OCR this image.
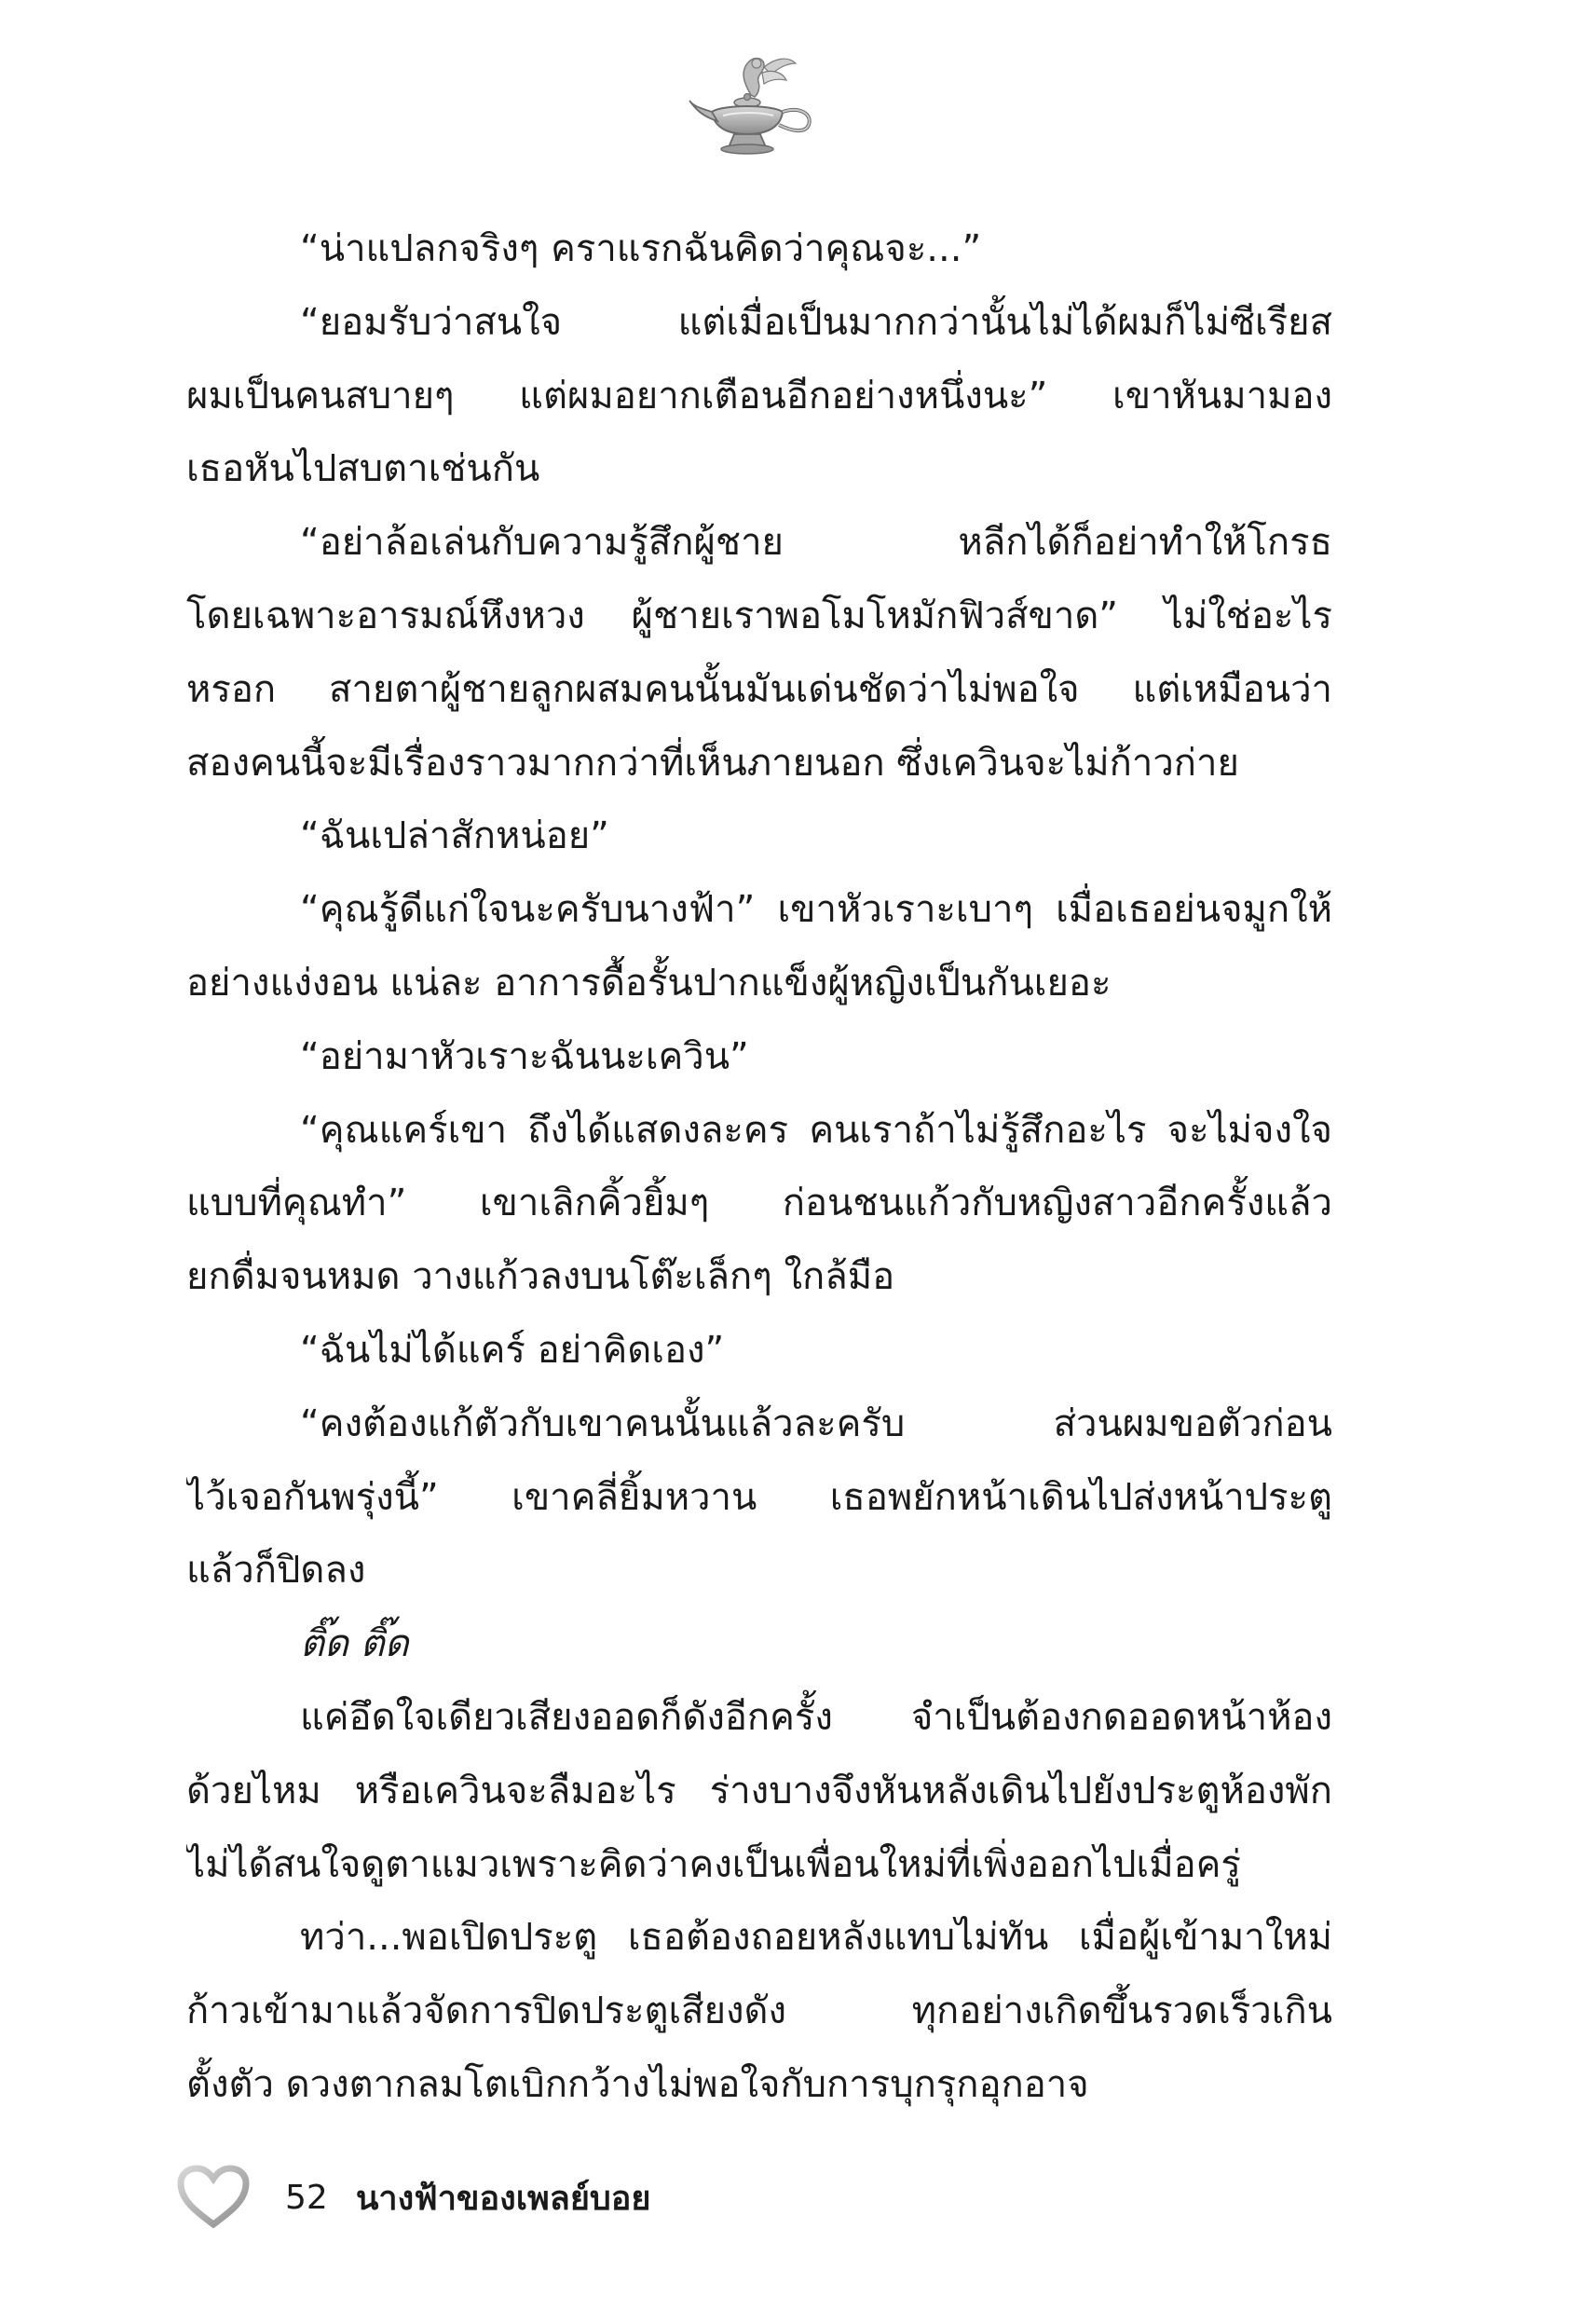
“น่าแปลกจริงๆ คราแรกฉันคิดว่าคุณจะ...”
“ยอมรับว่าสนใจ แต่เมื่อเป็นมากกว่านั้นไม่ได้ผมก็ไม่ซีเรียส
ผมเป็นคนสบายๆ แต่ผมอยากเตือนอีกอย่างหนึ่งนะ” เขาหันมามอง
เธอหันไปสบตาเช่นกัน
“อย่าล้อเล่นกับความรู้สึกผู้ชาย หลีกได้ก็อย่าทำให้โกรธ
โดยเฉพาะอารมณ์หึงหวง ผู้ชายเราพอโมโหมักฟิวส์ขาด” ไม่ใช่อะไร
หรอก สายตาผู้ชายลูกผสมคนนั้นมันเด่นชัดว่าไม่พอใจ แต่เหมือนว่า
สองคนนี้จะมีเรื่องราวมากกว่าที่เห็นภายนอก ซึ่งเควินจะไม่ก้าวก่าย
“ฉันเปล่าสักหน่อย”
“คุณรู้ดีแก่ใจนะครับนางฟ้า” เขาหัวเราะเบาๆ เมื่อเธอย่นจมูกให้
อย่างแง่งอน แน่ละ อาการดื้อรั้นปากแข็งผู้หญิงเป็นกันเยอะ
“อย่ามาหัวเราะฉันนะเควิน”
“คุณแคร์เขา ถึงได้แสดงละคร คนเราถ้าไม่รู้สึกอะไร จะไม่จงใจ
แบบที่คุณทำ” เขาเลิกคิ้วยิ้มๆ ก่อนชนแก้วกับหญิงสาวอีกครั้งแล้ว
ยกดื่มจนหมด วางแก้วลงบนโต๊ะเล็กๆ ใกล้มือ
“ฉันไม่ได้แคร์ อย่าคิดเอง”
“คงต้องแก้ตัวกับเขาคนนั้นแล้วละครับ ส่วนผมขอตัวก่อน
ไว้เจอกันพรุ่งนี้” เขาคลี่ยิ้มหวาน เธอพยักหน้าเดินไปส่งหน้าประตู
แล้วก็ปิดลง
ติ๊ด ติ๊ด
แค่อึดใจเดียวเสียงออดก็ดังอีกครั้ง จำเป็นต้องกดออดหน้าห้อง
ด้วยไหม หรือเควินจะลืมอะไร ร่างบางจึงหันหลังเดินไปยังประตูห้องพัก
ไม่ได้สนใจดูตาแมวเพราะคิดว่าคงเป็นเพื่อนใหม่ที่เพิ่งออกไปเมื่อครู่
ทว่า...พอเปิดประตู เธอต้องถอยหลังแทบไม่ทัน เมื่อผู้เข้ามาใหม่
ก้าวเข้ามาแล้วจัดการปิดประตูเสียงดัง ทุกอย่างเกิดขึ้นรวดเร็วเกิน
ตั้งตัว ดวงตากลมโตเบิกกว้างไม่พอใจกับการบุกรุกอุกอาจ
52 นางฟ้าของเพลย์บอย
